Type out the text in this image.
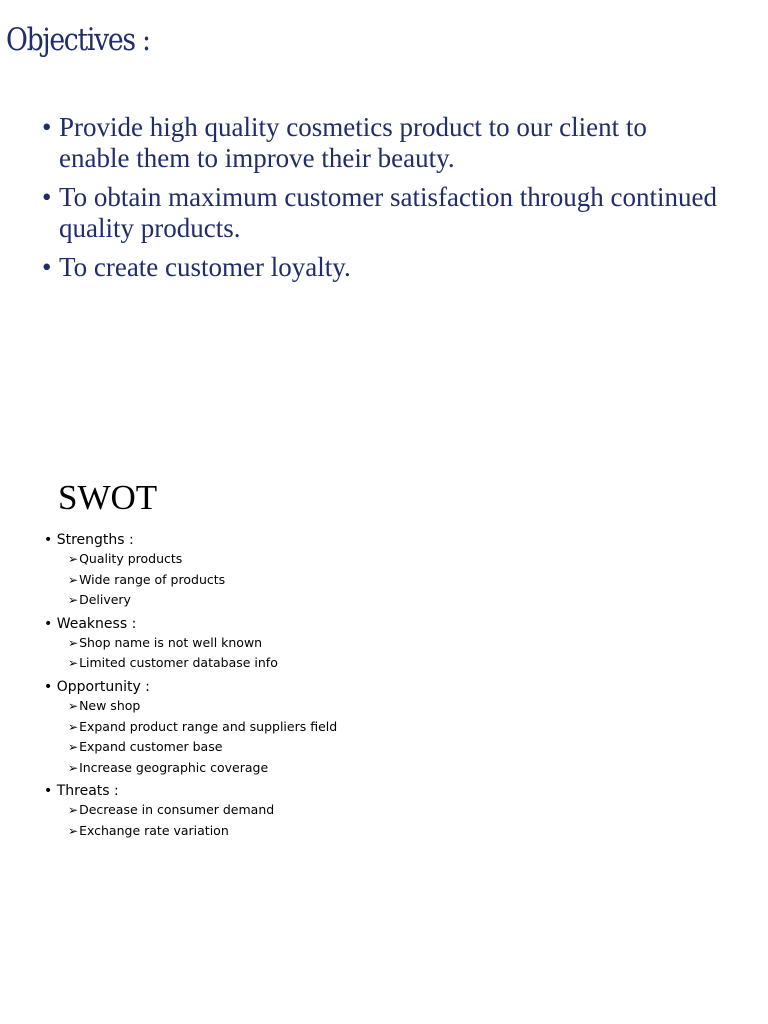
Objectives :
• Provide high quality cosmetics product to our client to enable them to improve their beauty.
• To obtain maximum customer satisfaction through continued quality products.
• To create customer loyalty.
SWOT
• Strengths :
➢Quality products
➢Wide range of products
➢Delivery
• Weakness :
➢Shop name is not well known
➢Limited customer database info
• Opportunity :
➢New shop
➢Expand product range and suppliers field
➢Expand customer base
➢Increase geographic coverage
• Threats :
➢Decrease in consumer demand
➢Exchange rate variation
